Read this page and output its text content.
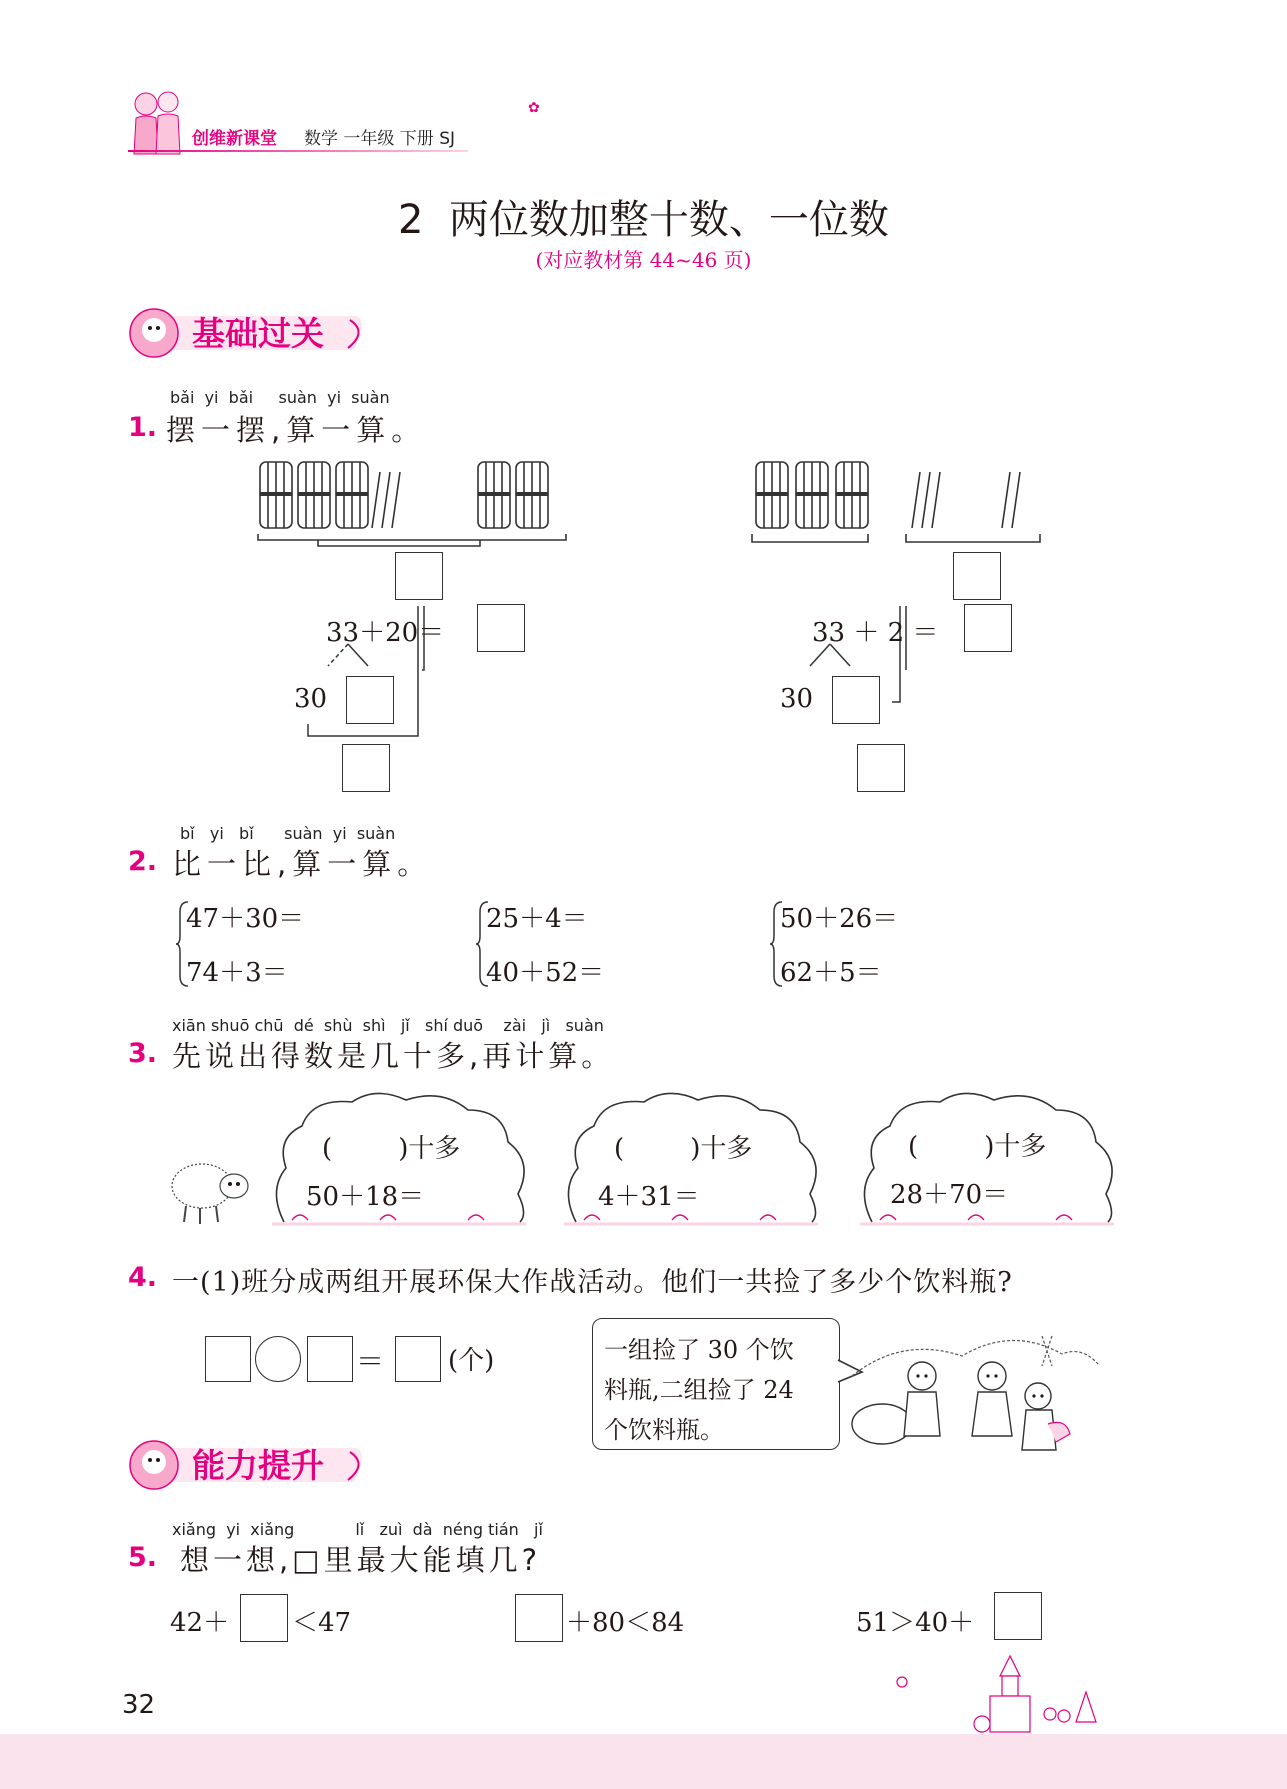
创维新课堂 数学 一年级 下册 SJ
✿
2  两位数加整十数、一位数
(对应教材第 44~46 页)
基础过关
bǎi  yi  bǎi     suàn  yi  suàn
1. 摆一摆,算一算。
33＋20＝
30
33 ＋ 2 ＝
30
bǐ   yi   bǐ      suàn  yi  suàn
2. 比一比,算一算。
47＋30＝
74＋3＝
25＋4＝
40＋52＝
50＋26＝
62＋5＝
xiān shuō chū  dé  shù  shì   jǐ   shí duō    zài   jì   suàn
3. 先说出得数是几十多,再计算。
(        )十多
50＋18＝
(        )十多
4＋31＝
(        )十多
28＋70＝
4. 一(1)班分成两组开展环保大作战活动。他们一共捡了多少个饮料瓶?
＝ (个)	一组捡了 30 个饮
料瓶,二组捡了 24
个饮料瓶。
能力提升
xiǎng  yi  xiǎng            lǐ   zuì  dà  néng tián   jǐ
5. 想一想,□里最大能填几?
42＋ ＜47	＋80＜84	51＞40＋
32
